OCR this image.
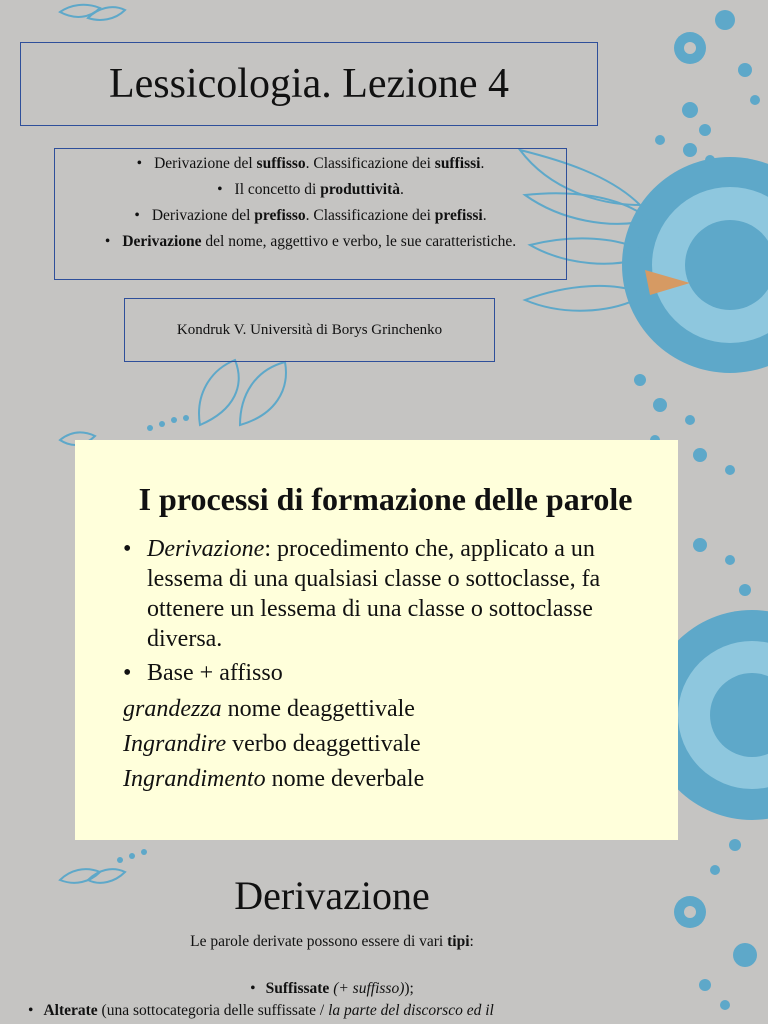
Lessicologia. Lezione 4
• Derivazione del suffisso. Classificazione dei suffissi.
• Il concetto di produttività.
• Derivazione del prefisso. Classificazione dei prefissi.
• Derivazione del nome, aggettivo e verbo, le sue caratteristiche.
Kondruk V. Università di Borys Grinchenko
I processi di formazione delle parole
• Derivazione: procedimento che, applicato a un lessema di una qualsiasi classe o sottoclasse, fa ottenere un lessema di una classe o sottoclasse diversa.
• Base + affisso
grandezza nome deaggettivale
Ingrandire verbo deaggettivale
Ingrandimento nome deverbale
Derivazione
Le parole derivate possono essere di vari tipi:
• Suffissate (+ suffisso));
• Alterate (una sottocategoria delle suffissate / la parte del discorsco ed il
